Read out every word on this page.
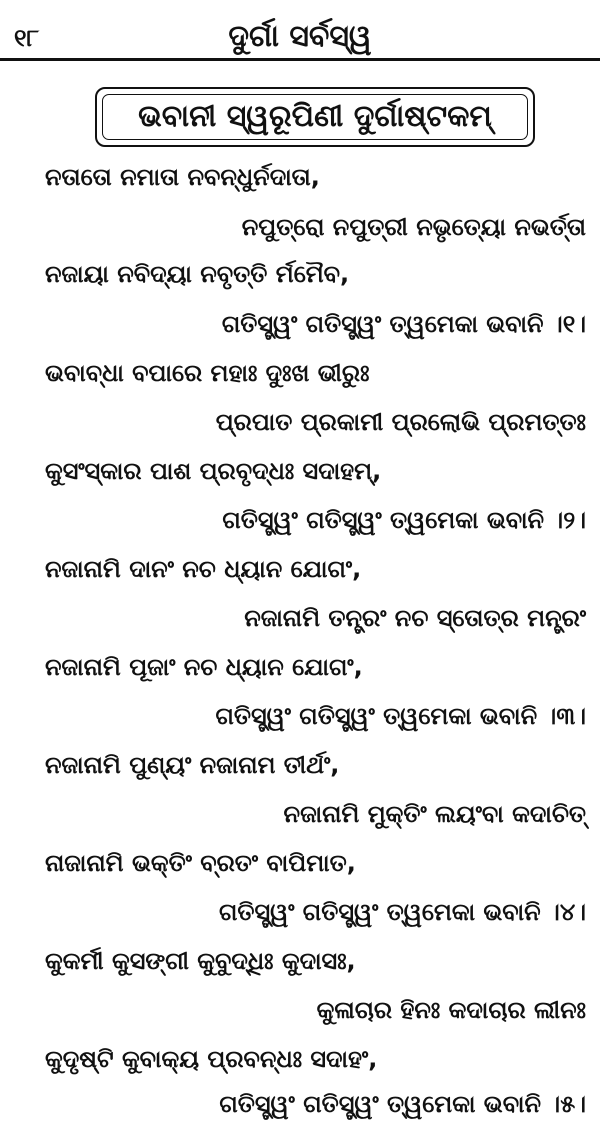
୧୮	ଦୁର୍ଗା ସର୍ବସ୍ୱ
ଭବାନୀ ସ୍ୱରୂପିଣୀ ଦୁର୍ଗାଷ୍ଟକମ୍
ନତାତୋ ନମାତା ନବନ୍ଧୁର୍ନଦାତା,
ନପୁତ୍ରୋ ନପୁତ୍ରୀ ନଭୃତ୍ୟୋ ନଭର୍ତ୍ତା
ନଜାୟା ନବିଦ୍ୟା ନବୃତ୍ତି ର୍ମମୈବ,
ଗତିସ୍ତ୍ୱଂ ଗତିସ୍ତ୍ୱଂ ତ୍ୱମେକା ଭବାନି ।୧।
ଭବାବ୍ଧା ବପାରେ ମହାଃ ଦୁଃଖ ଭୀରୁଃ
ପ୍ରପାତ ପ୍ରକାମୀ ପ୍ରଲୋଭି ପ୍ରମତ୍ତଃ
କୁସଂସ୍କାର ପାଶ ପ୍ରବୃଦ୍ଧଃ ସଦାହମ୍,
ଗତିସ୍ତ୍ୱଂ ଗତିସ୍ତ୍ୱଂ ତ୍ୱମେକା ଭବାନି ।୨।
ନଜାନାମି ଦାନଂ ନଚ ଧ୍ୟାନ ଯୋଗଂ,
ନଜାନାମି ତନ୍ତ୍ରଂ ନଚ ସ୍ତୋତ୍ର ମନ୍ତ୍ରଂ
ନଜାନାମି ପୂଜାଂ ନଚ ଧ୍ୟାନ ଯୋଗଂ,
ଗତିସ୍ତ୍ୱଂ ଗତିସ୍ତ୍ୱଂ ତ୍ୱମେକା ଭବାନି ।୩।
ନଜାନାମି ପୁଣ୍ୟଂ ନଜାନାମ ତୀର୍ଥଂ,
ନଜାନାମି ମୁକ୍ତିଂ ଲୟଂବା କଦାଚିତ୍
ନାଜାନାମି ଭକ୍ତିଂ ବ୍ରତଂ ବାପିମାତ,
ଗତିସ୍ତ୍ୱଂ ଗତିସ୍ତ୍ୱଂ ତ୍ୱମେକା ଭବାନି ।୪।
କୁକର୍ମୀ କୁସଙ୍ଗୀ କୁବୁଦ୍ଧିଃ କୁଦାସଃ,
କୁଳାଚାର ହିନଃ କଦାଚାର ଲୀନଃ
କୁଦୃଷ୍ଟି କୁବାକ୍ୟ ପ୍ରବନ୍ଧଃ ସଦାହଂ,
ଗତିସ୍ତ୍ୱଂ ଗତିସ୍ତ୍ୱଂ ତ୍ୱମେକା ଭବାନି ।୫।
